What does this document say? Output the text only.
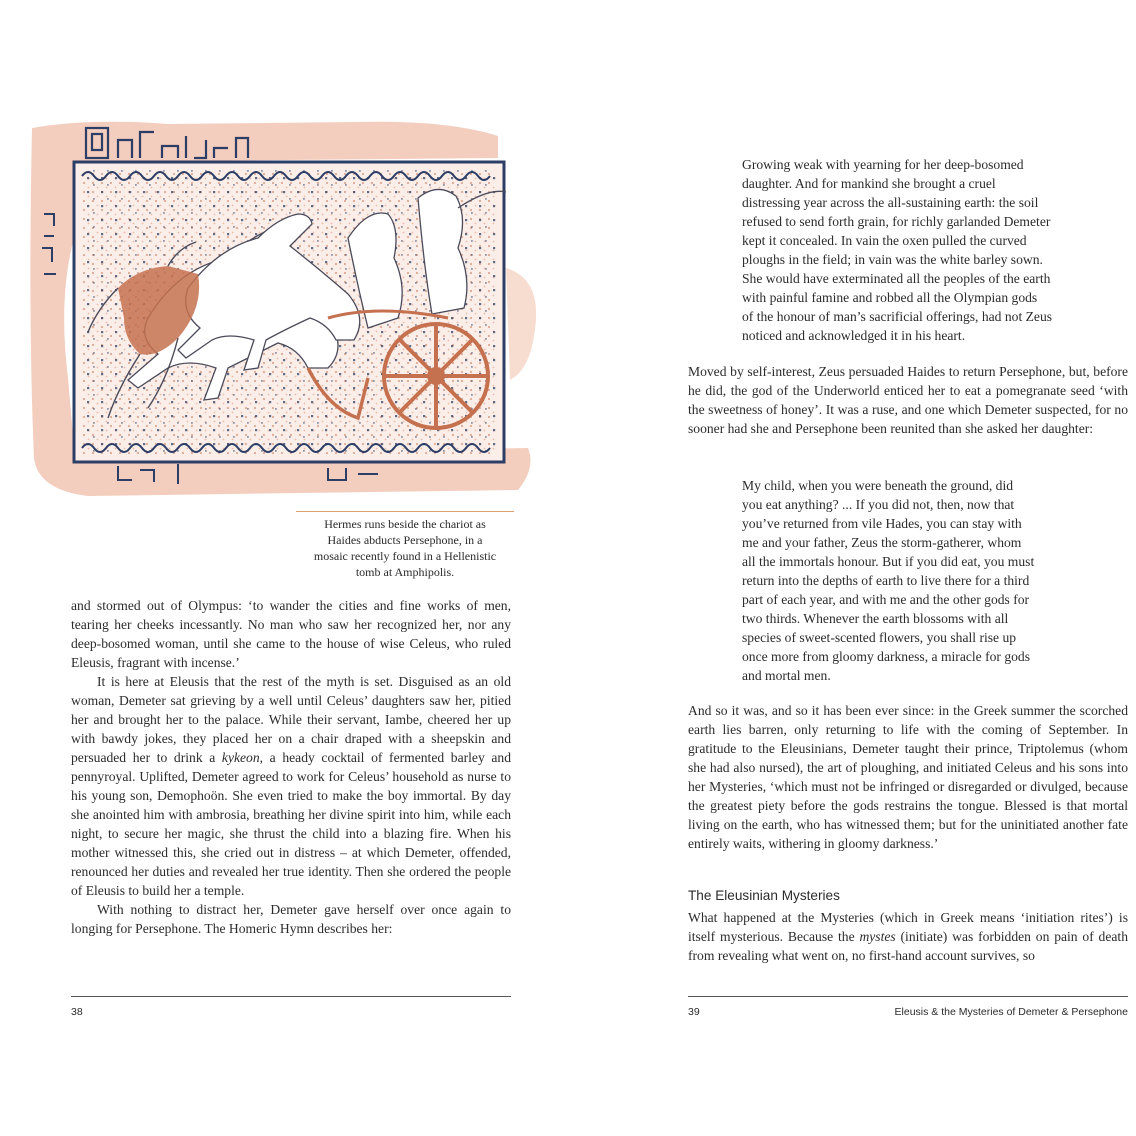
Hermes runs beside the chariot as
Haides abducts Persephone, in a
mosaic recently found in a Hellenistic
tomb at Amphipolis.

and stormed out of Olympus: ‘to wander the cities and fine works of men, tearing her cheeks incessantly. No man who saw her recognized her, nor any deep-bosomed woman, until she came to the house of wise Celeus, who ruled Eleusis, fragrant with incense.’

It is here at Eleusis that the rest of the myth is set. Disguised as an old woman, Demeter sat grieving by a well until Celeus’ daughters saw her, pitied her and brought her to the palace. While their servant, Iambe, cheered her up with bawdy jokes, they placed her on a chair draped with a sheepskin and persuaded her to drink a kykeon, a heady cocktail of fermented barley and pennyroyal. Uplifted, Demeter agreed to work for Celeus’ household as nurse to his young son, Demophoön. She even tried to make the boy immortal. By day she anointed him with ambrosia, breathing her divine spirit into him, while each night, to secure her magic, she thrust the child into a blazing fire. When his mother witnessed this, she cried out in distress – at which Demeter, offended, renounced her duties and revealed her true identity. Then she ordered the people of Eleusis to build her a temple.

With nothing to distract her, Demeter gave herself over once again to longing for Persephone. The Homeric Hymn describes her:

38
Growing weak with yearning for her deep-bosomed
daughter. And for mankind she brought a cruel
distressing year across the all-sustaining earth: the soil
refused to send forth grain, for richly garlanded Demeter
kept it concealed. In vain the oxen pulled the curved
ploughs in the field; in vain was the white barley sown.
She would have exterminated all the peoples of the earth
with painful famine and robbed all the Olympian gods
of the honour of man’s sacrificial offerings, had not Zeus
noticed and acknowledged it in his heart.

Moved by self-interest, Zeus persuaded Haides to return Persephone, but, before he did, the god of the Underworld enticed her to eat a pomegranate seed ‘with the sweetness of honey’. It was a ruse, and one which Demeter suspected, for no sooner had she and Persephone been reunited than she asked her daughter:

My child, when you were beneath the ground, did
you eat anything? ... If you did not, then, now that
you’ve returned from vile Hades, you can stay with
me and your father, Zeus the storm-gatherer, whom
all the immortals honour. But if you did eat, you must
return into the depths of earth to live there for a third
part of each year, and with me and the other gods for
two thirds. Whenever the earth blossoms with all
species of sweet-scented flowers, you shall rise up
once more from gloomy darkness, a miracle for gods
and mortal men.

And so it was, and so it has been ever since: in the Greek summer the scorched earth lies barren, only returning to life with the coming of September. In gratitude to the Eleusinians, Demeter taught their prince, Triptolemus (whom she had also nursed), the art of ploughing, and initiated Celeus and his sons into her Mysteries, ‘which must not be infringed or disregarded or divulged, because the greatest piety before the gods restrains the tongue. Blessed is that mortal living on the earth, who has witnessed them; but for the uninitiated another fate entirely waits, withering in gloomy darkness.’

The Eleusinian Mysteries

What happened at the Mysteries (which in Greek means ‘initiation rites’) is itself mysterious. Because the mystes (initiate) was forbidden on pain of death from revealing what went on, no first-hand account survives, so

39	Eleusis & the Mysteries of Demeter & Persephone
